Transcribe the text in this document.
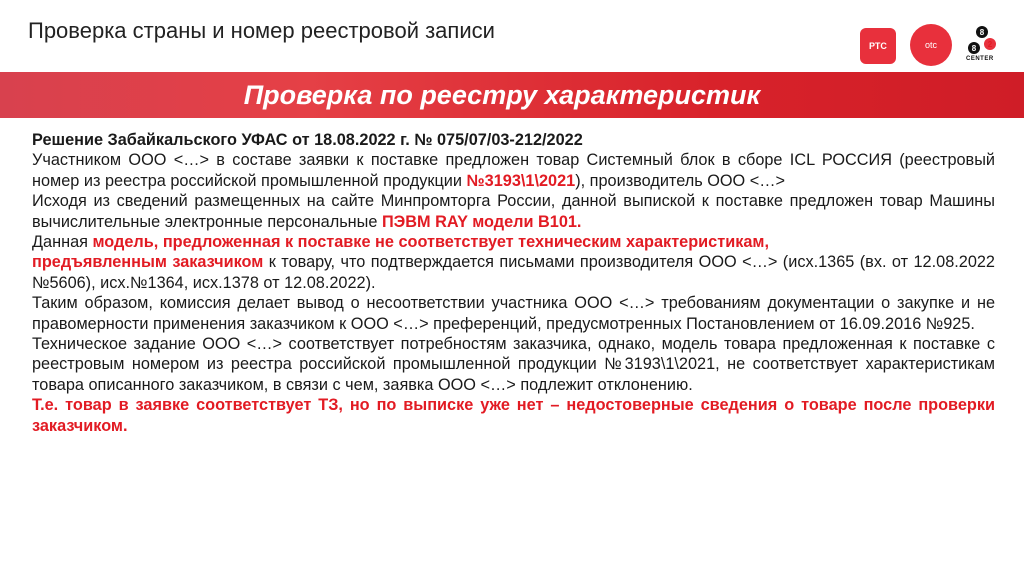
Проверка страны и номер реестровой записи
РТС	otc
8
2
8
CENTER
Проверка по реестру характеристик

Решение Забайкальского УФАС от 18.08.2022 г. № 075/07/03-212/2022

Участником ООО <…> в составе заявки к поставке предложен товар Системный блок в сборе ICL РОССИЯ (реестровый номер из реестра российской промышленной продукции №3193\1\2021), производитель ООО <…>

Исходя из сведений размещенных на сайте Минпромторга России, данной выпиской к поставке предложен товар Машины вычислительные электронные персональные ПЭВМ RAY модели B101.

Данная модель, предложенная к поставке не соответствует техническим характеристикам,
предъявленным заказчиком к товару, что подтверждается письмами производителя ООО <…> (исх.1365 (вх. от 12.08.2022 №5606), исх.№1364, исх.1378 от 12.08.2022).

Таким образом, комиссия делает вывод о несоответствии участника ООО <…> требованиям документации о закупке и не правомерности применения заказчиком к ООО <…> преференций, предусмотренных Постановлением от 16.09.2016 №925.

Техническое задание ООО <…> соответствует потребностям заказчика, однако, модель товара предложенная к поставке с реестровым номером из реестра российской промышленной продукции №3193\1\2021, не соответствует характеристикам товара описанного заказчиком, в связи с чем, заявка ООО <…> подлежит отклонению.

Т.е. товар в заявке соответствует ТЗ, но по выписке уже нет – недостоверные сведения о товаре после проверки заказчиком.
